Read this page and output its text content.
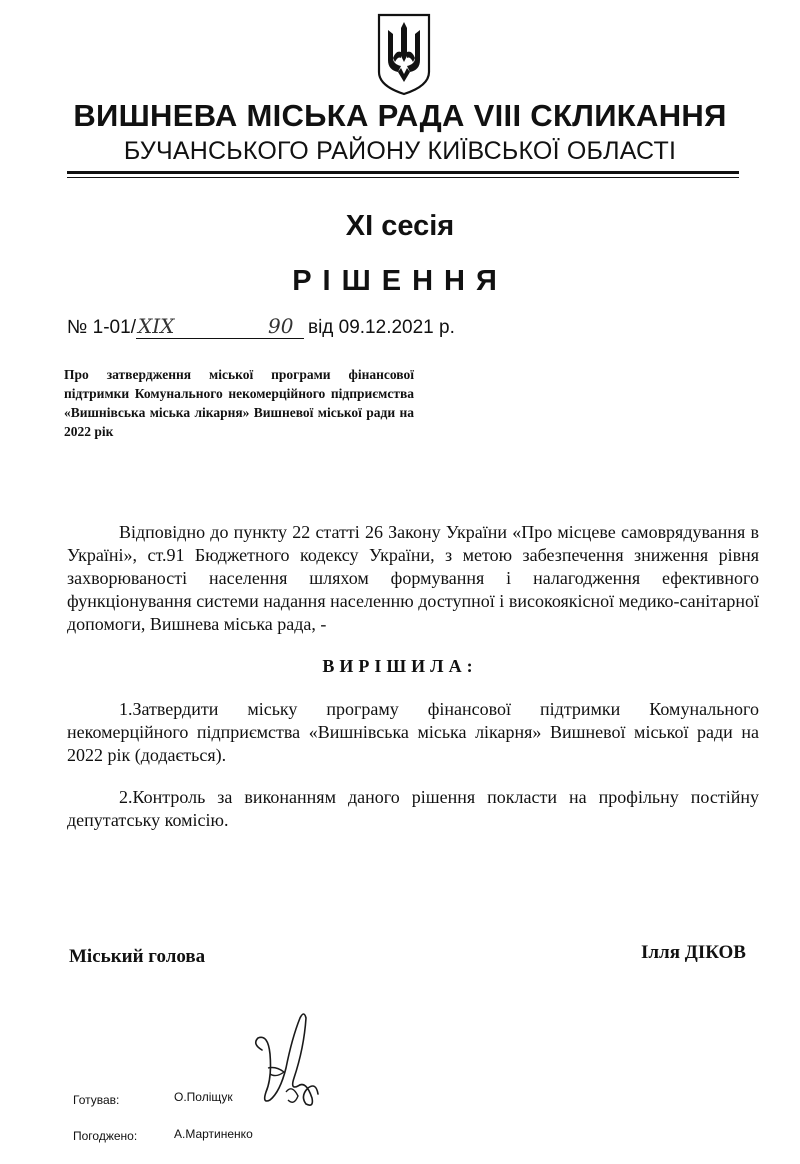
ВИШНЕВА МІСЬКА РАДА VIII СКЛИКАННЯ
БУЧАНСЬКОГО РАЙОНУ КИЇВСЬКОЇ ОБЛАСТІ
XI сесія
РІШЕННЯ
№ 1-01/ XIX	90 від 09.12.2021 р.
Про затвердження міської програми фінансової підтримки Комунального некомерційного підприємства «Вишнівська міська лікарня» Вишневої міської ради на 2022 рік
Відповідно до пункту 22 статті 26 Закону України «Про місцеве самоврядування в Україні», ст.91 Бюджетного кодексу України, з метою забезпечення зниження рівня захворюваності населення шляхом формування і налагодження ефективного функціонування системи надання населенню доступної і високоякісної медико-санітарної допомоги, Вишнева міська рада, -
ВИРІШИЛА:
1.Затвердити міську програму фінансової підтримки Комунального некомерційного підприємства «Вишнівська міська лікарня» Вишневої міської ради на 2022 рік (додається).
2.Контроль за виконанням даного рішення покласти на профільну постійну депутатську комісію.
Міський голова	Ілля ДІКОВ
Готував:	О.Поліщук
Погоджено:	А.Мартиненко
